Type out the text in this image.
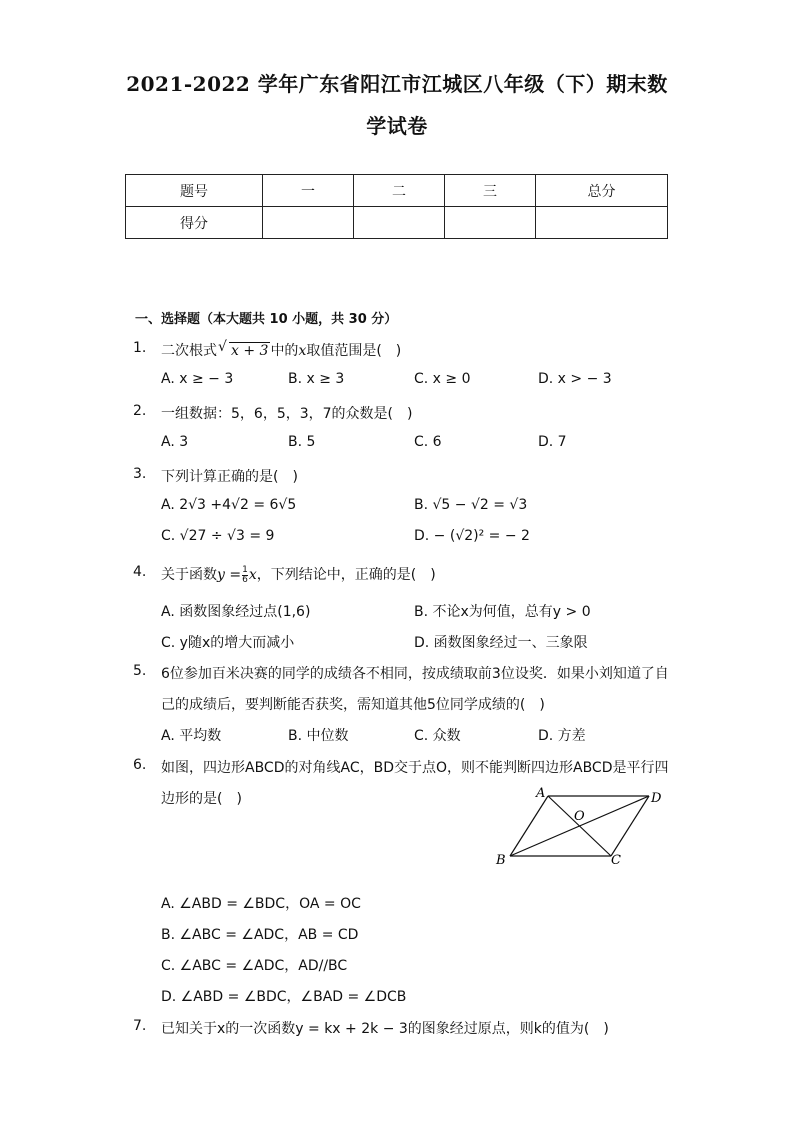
2021-2022 学年广东省阳江市江城区八年级（下）期末数
学试卷
题号	一	二	三	总分
得分				
一、选择题（本大题共 10 小题，共 30 分）
1. 二次根式 √ x + 3 中的x取值范围是(　)
A. x ≥ − 3	B. x ≥ 3	C. x ≥ 0	D. x > − 3
2. 一组数据：5，6，5，3，7的众数是(　)
A. 3	B. 5	C. 6	D. 7
3. 下列计算正确的是(　)
A. 2√3 +4√2 = 6√5	B. √5 − √2 = √3
C. √27 ÷ √3 = 9	D. − (√2)² = − 2
4. 关于函数$y = \frac{1}{6}$ x，下列结论中，正确的是(　)
A. 函数图象经过点(1,6)	B. 不论x为何值，总有y > 0
C. y随x的增大而减小	D. 函数图象经过一、三象限
5. 6位参加百米决赛的同学的成绩各不相同，按成绩取前3位设奖．如果小刘知道了自
己的成绩后，要判断能否获奖，需知道其他5位同学成绩的(　)
A. 平均数	B. 中位数	C. 众数	D. 方差
6. 如图，四边形ABCD的对角线AC，BD交于点O，则不能判断四边形ABCD是平行四
边形的是(　)	A	D
O
B	C
A. ∠ABD = ∠BDC，OA = OC
B. ∠ABC = ∠ADC，AB = CD
C. ∠ABC = ∠ADC，AD//BC
D. ∠ABD = ∠BDC，∠BAD = ∠DCB
7. 已知关于x的一次函数y = kx + 2k − 3的图象经过原点，则k的值为(　)
